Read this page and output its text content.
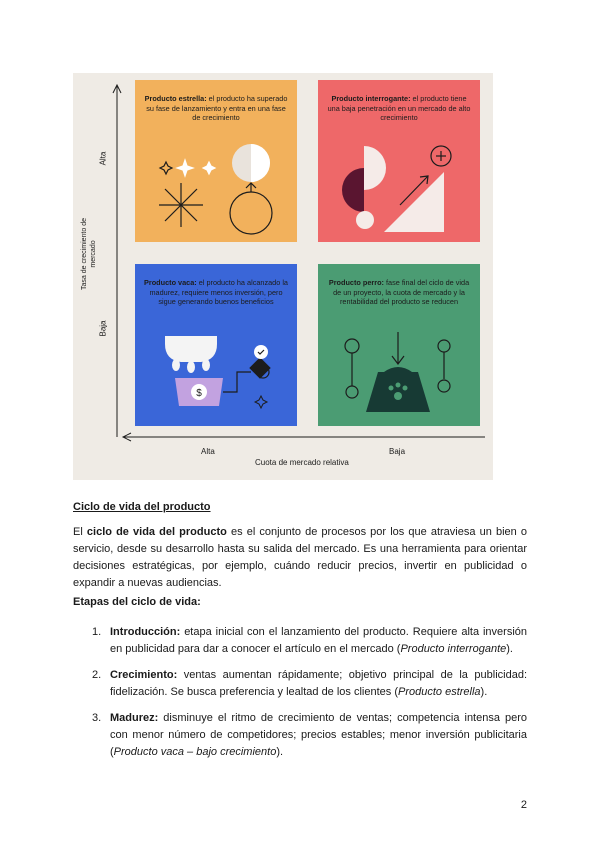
Producto estrella: el producto ha superado su fase de lanzamiento y entra en una fase de crecimiento

Producto interrogante: el producto tiene una baja penetración en un mercado de alto crecimiento

Producto vaca: el producto ha alcanzado la madurez, requiere menos inversión, pero sigue generando buenos beneficios

$

Producto perro: fase final del ciclo de vida de un proyecto, la cuota de mercado y la rentabilidad del producto se reducen

Alta
Baja
Tasa de crecimiento de mercado
Alta	Baja
Cuota de mercado relativa
Ciclo de vida del producto
El ciclo de vida del producto es el conjunto de procesos por los que atraviesa un bien o servicio, desde su desarrollo hasta su salida del mercado. Es una herramienta para orientar decisiones estratégicas, por ejemplo, cuándo reducir precios, invertir en publicidad o expandir a nuevas audiencias.
Etapas del ciclo de vida:
1. Introducción: etapa inicial con el lanzamiento del producto. Requiere alta inversión en publicidad para dar a conocer el artículo en el mercado (Producto interrogante).
2. Crecimiento: ventas aumentan rápidamente; objetivo principal de la publicidad: fidelización. Se busca preferencia y lealtad de los clientes (Producto estrella).
3. Madurez: disminuye el ritmo de crecimiento de ventas; competencia intensa pero con menor número de competidores; precios estables; menor inversión publicitaria (Producto vaca – bajo crecimiento).
2
